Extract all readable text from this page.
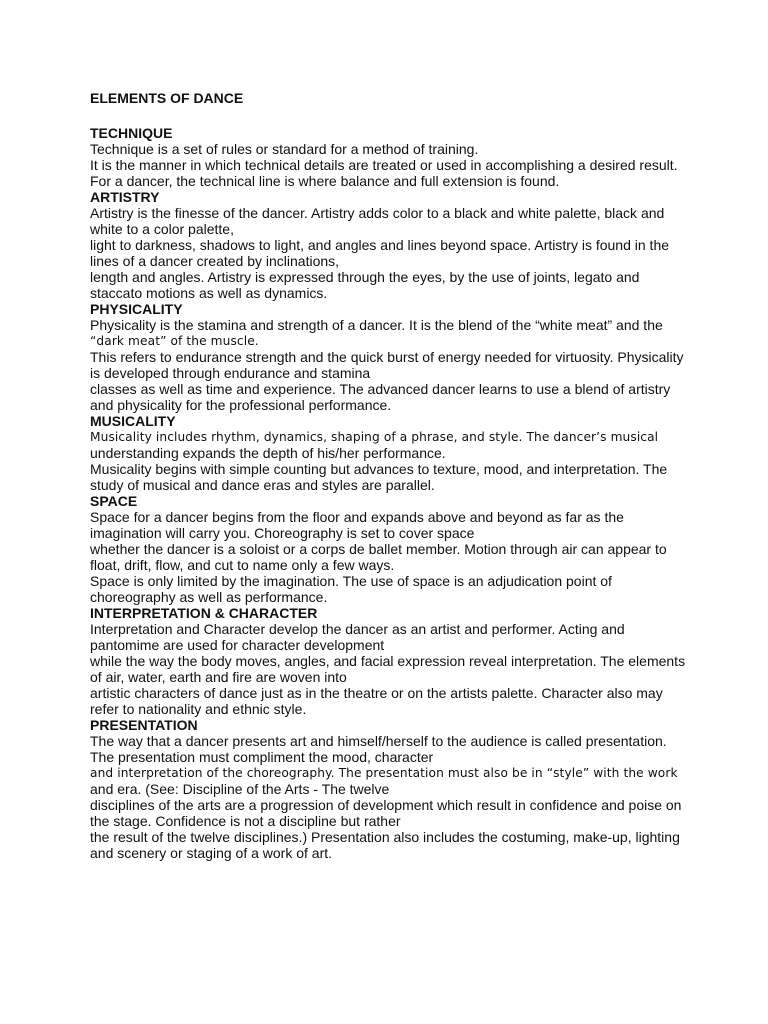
ELEMENTS OF DANCE
TECHNIQUE
Technique is a set of rules or standard for a method of training.
It is the manner in which technical details are treated or used in accomplishing a desired result.
For a dancer, the technical line is where balance and full extension is found.
ARTISTRY
Artistry is the finesse of the dancer. Artistry adds color to a black and white palette, black and
white to a color palette,
light to darkness, shadows to light, and angles and lines beyond space. Artistry is found in the
lines of a dancer created by inclinations,
length and angles. Artistry is expressed through the eyes, by the use of joints, legato and
staccato motions as well as dynamics.
PHYSICALITY
Physicality is the stamina and strength of a dancer. It is the blend of the “white meat” and the
“dark meat” of the muscle.
This refers to endurance strength and the quick burst of energy needed for virtuosity. Physicality
is developed through endurance and stamina
classes as well as time and experience. The advanced dancer learns to use a blend of artistry
and physicality for the professional performance.
MUSICALITY
Musicality includes rhythm, dynamics, shaping of a phrase, and style. The dancer’s musical
understanding expands the depth of his/her performance.
Musicality begins with simple counting but advances to texture, mood, and interpretation. The
study of musical and dance eras and styles are parallel.
SPACE
Space for a dancer begins from the floor and expands above and beyond as far as the
imagination will carry you. Choreography is set to cover space
whether the dancer is a soloist or a corps de ballet member. Motion through air can appear to
float, drift, flow, and cut to name only a few ways.
Space is only limited by the imagination. The use of space is an adjudication point of
choreography as well as performance.
INTERPRETATION & CHARACTER
Interpretation and Character develop the dancer as an artist and performer. Acting and
pantomime are used for character development
while the way the body moves, angles, and facial expression reveal interpretation. The elements
of air, water, earth and fire are woven into
artistic characters of dance just as in the theatre or on the artists palette. Character also may
refer to nationality and ethnic style.
PRESENTATION
The way that a dancer presents art and himself/herself to the audience is called presentation.
The presentation must compliment the mood, character
and interpretation of the choreography. The presentation must also be in “style” with the work
and era. (See: Discipline of the Arts - The twelve
disciplines of the arts are a progression of development which result in confidence and poise on
the stage. Confidence is not a discipline but rather
the result of the twelve disciplines.) Presentation also includes the costuming, make-up, lighting
and scenery or staging of a work of art.
